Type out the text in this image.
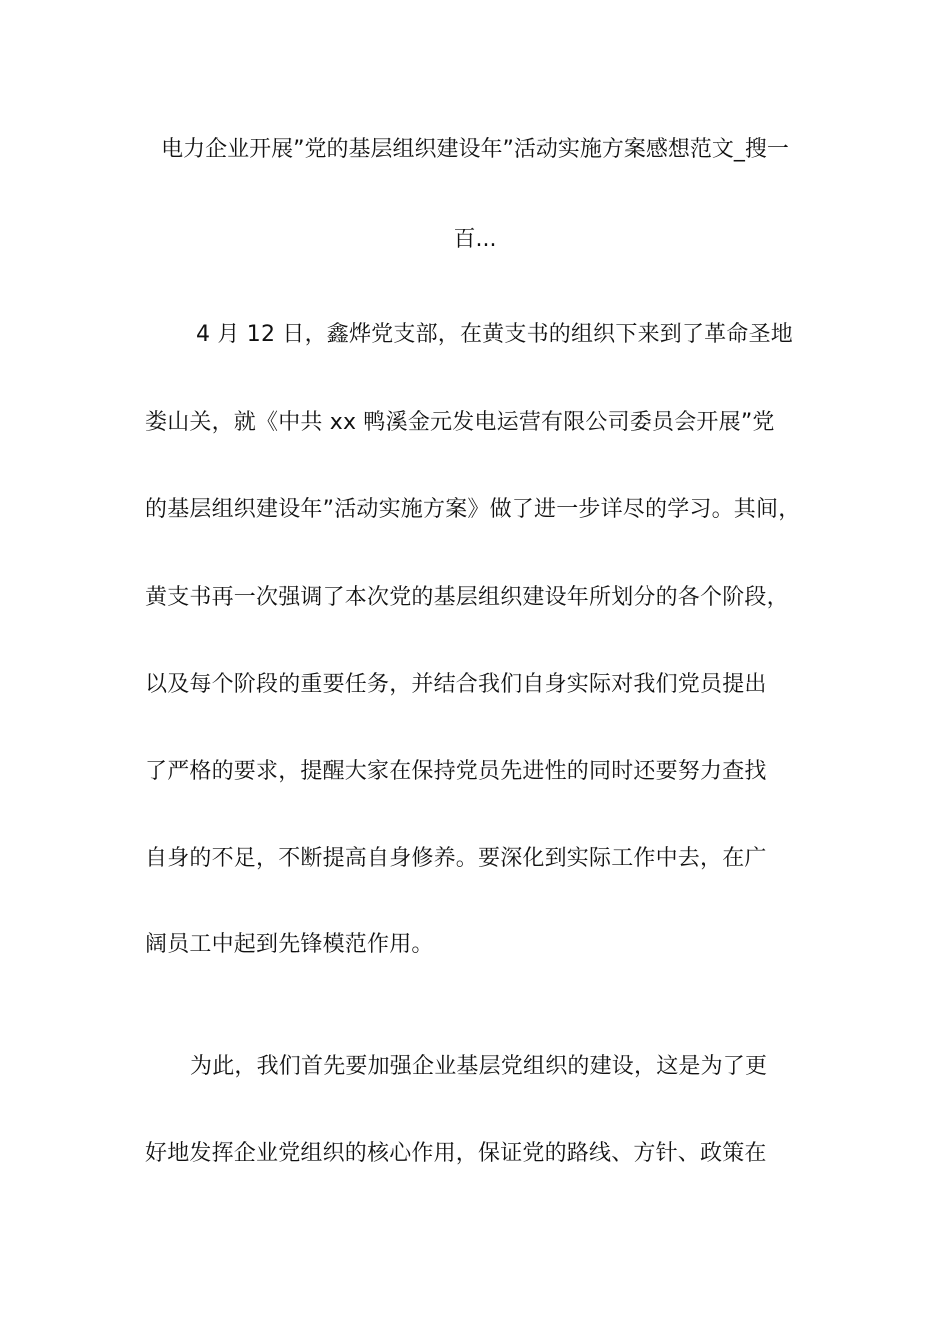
电力企业开展”党的基层组织建设年”活动实施方案感想范文_搜一
百...
4 月 12 日，鑫烨党支部，在黄支书的组织下来到了革命圣地
娄山关，就《中共 xx 鸭溪金元发电运营有限公司委员会开展”党
的基层组织建设年”活动实施方案》做了进一步详尽的学习。其间，
黄支书再一次强调了本次党的基层组织建设年所划分的各个阶段，
以及每个阶段的重要任务，并结合我们自身实际对我们党员提出
了严格的要求，提醒大家在保持党员先进性的同时还要努力查找
自身的不足，不断提高自身修养。要深化到实际工作中去，在广
阔员工中起到先锋模范作用。
为此，我们首先要加强企业基层党组织的建设，这是为了更
好地发挥企业党组织的核心作用，保证党的路线、方针、政策在
